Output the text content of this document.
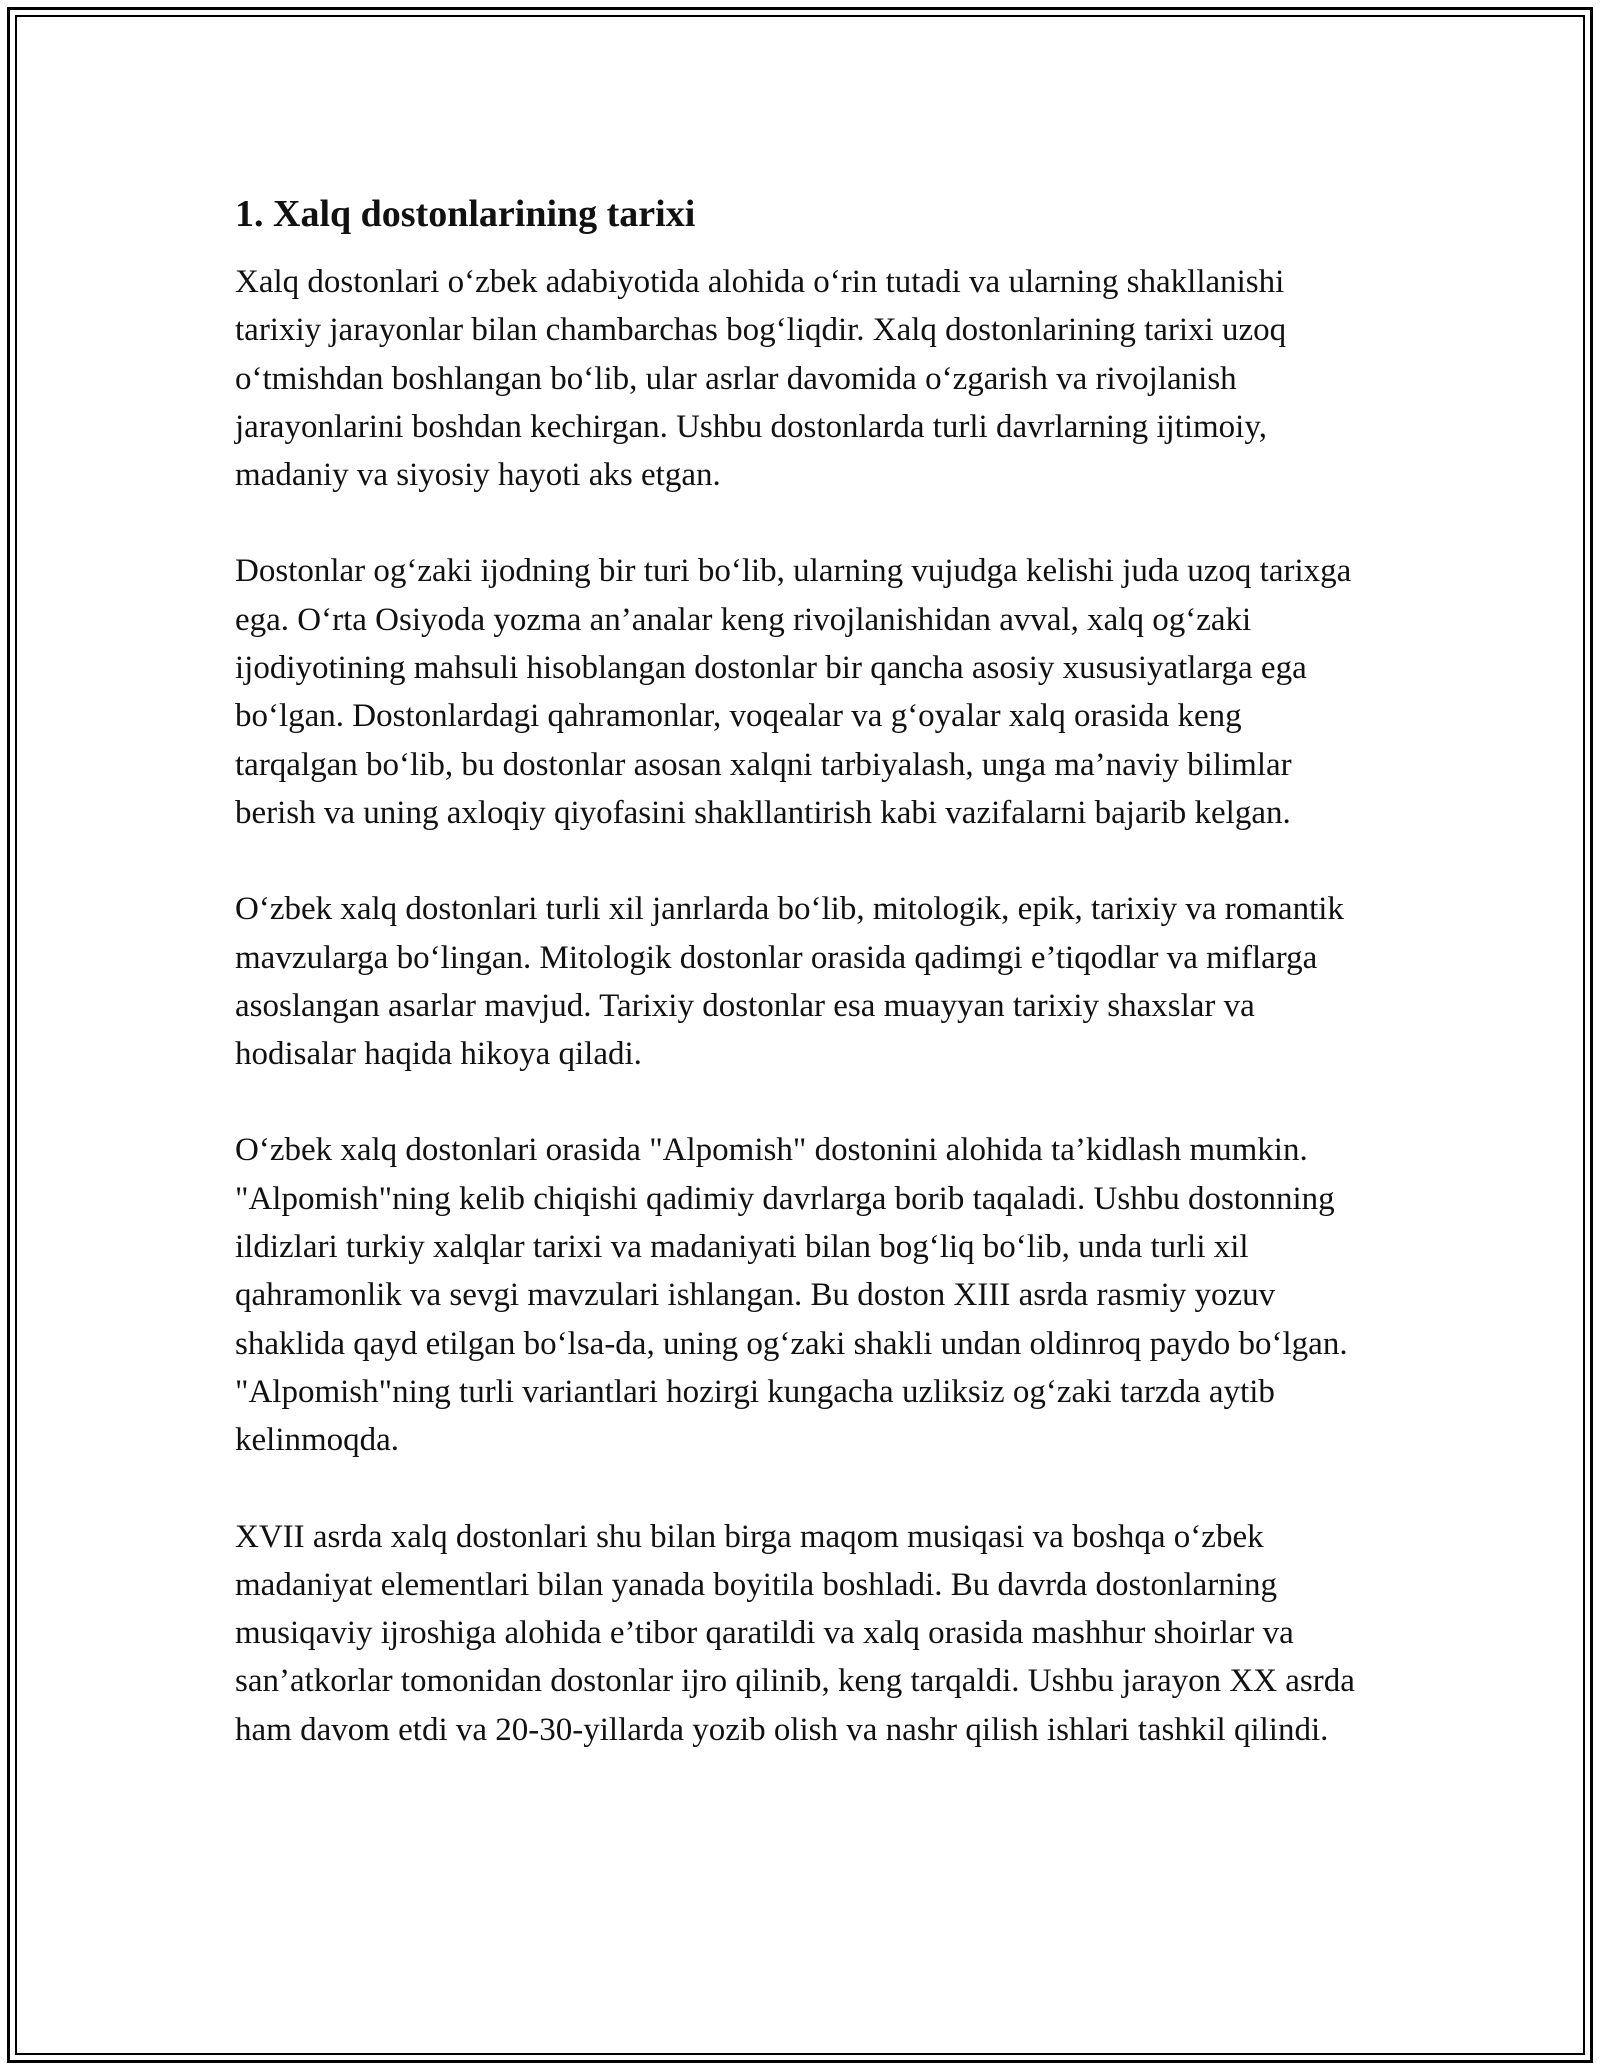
1. Xalq dostonlarining tarixi

Xalq dostonlari o‘zbek adabiyotida alohida o‘rin tutadi va ularning shakllanishi tarixiy jarayonlar bilan chambarchas bog‘liqdir. Xalq dostonlarining tarixi uzoq o‘tmishdan boshlangan bo‘lib, ular asrlar davomida o‘zgarish va rivojlanish jarayonlarini boshdan kechirgan. Ushbu dostonlarda turli davrlarning ijtimoiy, madaniy va siyosiy hayoti aks etgan.

Dostonlar og‘zaki ijodning bir turi bo‘lib, ularning vujudga kelishi juda uzoq tarixga ega. O‘rta Osiyoda yozma an’analar keng rivojlanishidan avval, xalq og‘zaki ijodiyotining mahsuli hisoblangan dostonlar bir qancha asosiy xususiyatlarga ega bo‘lgan. Dostonlardagi qahramonlar, voqealar va g‘oyalar xalq orasida keng tarqalgan bo‘lib, bu dostonlar asosan xalqni tarbiyalash, unga ma’naviy bilimlar berish va uning axloqiy qiyofasini shakllantirish kabi vazifalarni bajarib kelgan.

O‘zbek xalq dostonlari turli xil janrlarda bo‘lib, mitologik, epik, tarixiy va romantik mavzularga bo‘lingan. Mitologik dostonlar orasida qadimgi e’tiqodlar va miflarga asoslangan asarlar mavjud. Tarixiy dostonlar esa muayyan tarixiy shaxslar va hodisalar haqida hikoya qiladi.

O‘zbek xalq dostonlari orasida "Alpomish" dostonini alohida ta’kidlash mumkin. "Alpomish"ning kelib chiqishi qadimiy davrlarga borib taqaladi. Ushbu dostonning ildizlari turkiy xalqlar tarixi va madaniyati bilan bog‘liq bo‘lib, unda turli xil qahramonlik va sevgi mavzulari ishlangan. Bu doston XIII asrda rasmiy yozuv shaklida qayd etilgan bo‘lsa-da, uning og‘zaki shakli undan oldinroq paydo bo‘lgan. "Alpomish"ning turli variantlari hozirgi kungacha uzliksiz og‘zaki tarzda aytib kelinmoqda.

XVII asrda xalq dostonlari shu bilan birga maqom musiqasi va boshqa o‘zbek madaniyat elementlari bilan yanada boyitila boshladi. Bu davrda dostonlarning musiqaviy ijroshiga alohida e’tibor qaratildi va xalq orasida mashhur shoirlar va san’atkorlar tomonidan dostonlar ijro qilinib, keng tarqaldi. Ushbu jarayon XX asrda ham davom etdi va 20-30-yillarda yozib olish va nashr qilish ishlari tashkil qilindi.
